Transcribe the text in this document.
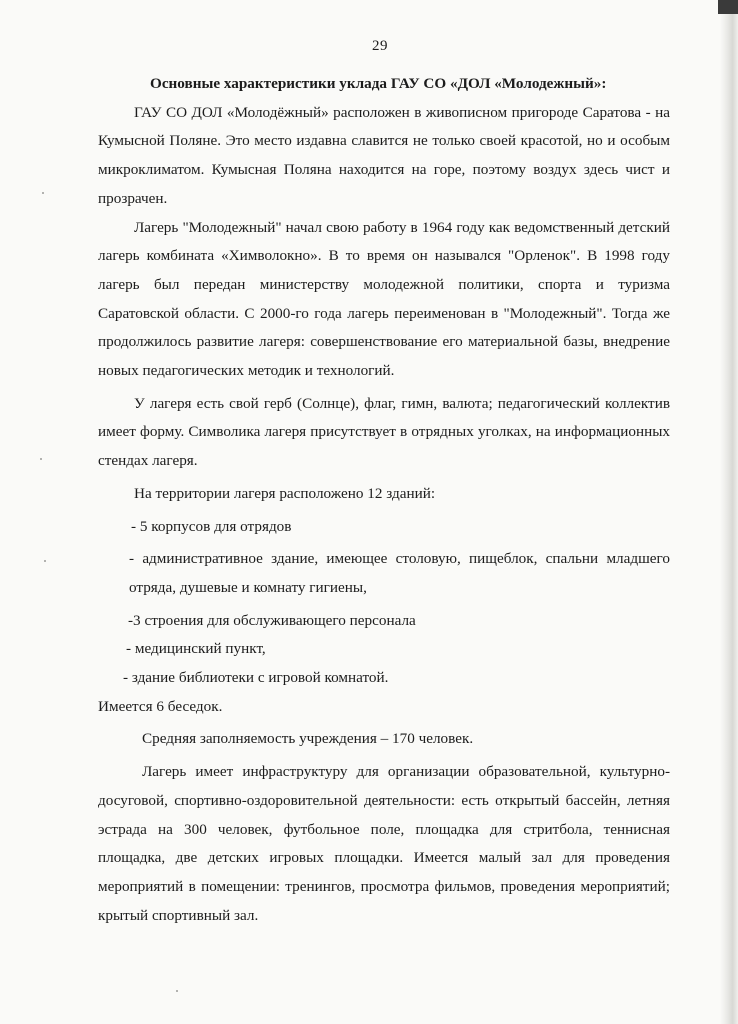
29
Основные характеристики уклада ГАУ СО «ДОЛ «Молодежный»:

ГАУ СО ДОЛ «Молодёжный» расположен в живописном пригороде Саратова - на Кумысной Поляне. Это место издавна славится не только своей красотой, но и особым микроклиматом. Кумысная Поляна находится на горе, поэтому воздух здесь чист и прозрачен.

Лагерь "Молодежный" начал свою работу в 1964 году как ведомственный детский лагерь комбината «Химволокно». В то время он назывался "Орленок". В 1998 году лагерь был передан министерству молодежной политики, спорта и туризма Саратовской области. С 2000-го года лагерь переименован в "Молодежный". Тогда же продолжилось развитие лагеря: совершенствование его материальной базы, внедрение новых педагогических методик и технологий.

У лагеря есть свой герб (Солнце), флаг, гимн, валюта; педагогический коллектив имеет форму. Символика лагеря присутствует в отрядных уголках, на информационных стендах лагеря.

На территории лагеря расположено 12 зданий:

- 5 корпусов для отрядов
- административное здание, имеющее столовую, пищеблок, спальни младшего отряда, душевые и комнату гигиены,
-3 строения для обслуживающего персонала
- медицинский пункт,
- здание библиотеки с игровой комнатой.
Имеется 6 беседок.

Средняя заполняемость учреждения – 170 человек.

Лагерь имеет инфраструктуру для организации образовательной, культурно-досуговой, спортивно-оздоровительной деятельности: есть открытый бассейн, летняя эстрада на 300 человек, футбольное поле, площадка для стритбола, теннисная площадка, две детских игровых площадки. Имеется малый зал для проведения мероприятий в помещении: тренингов, просмотра фильмов, проведения мероприятий; крытый спортивный зал.
